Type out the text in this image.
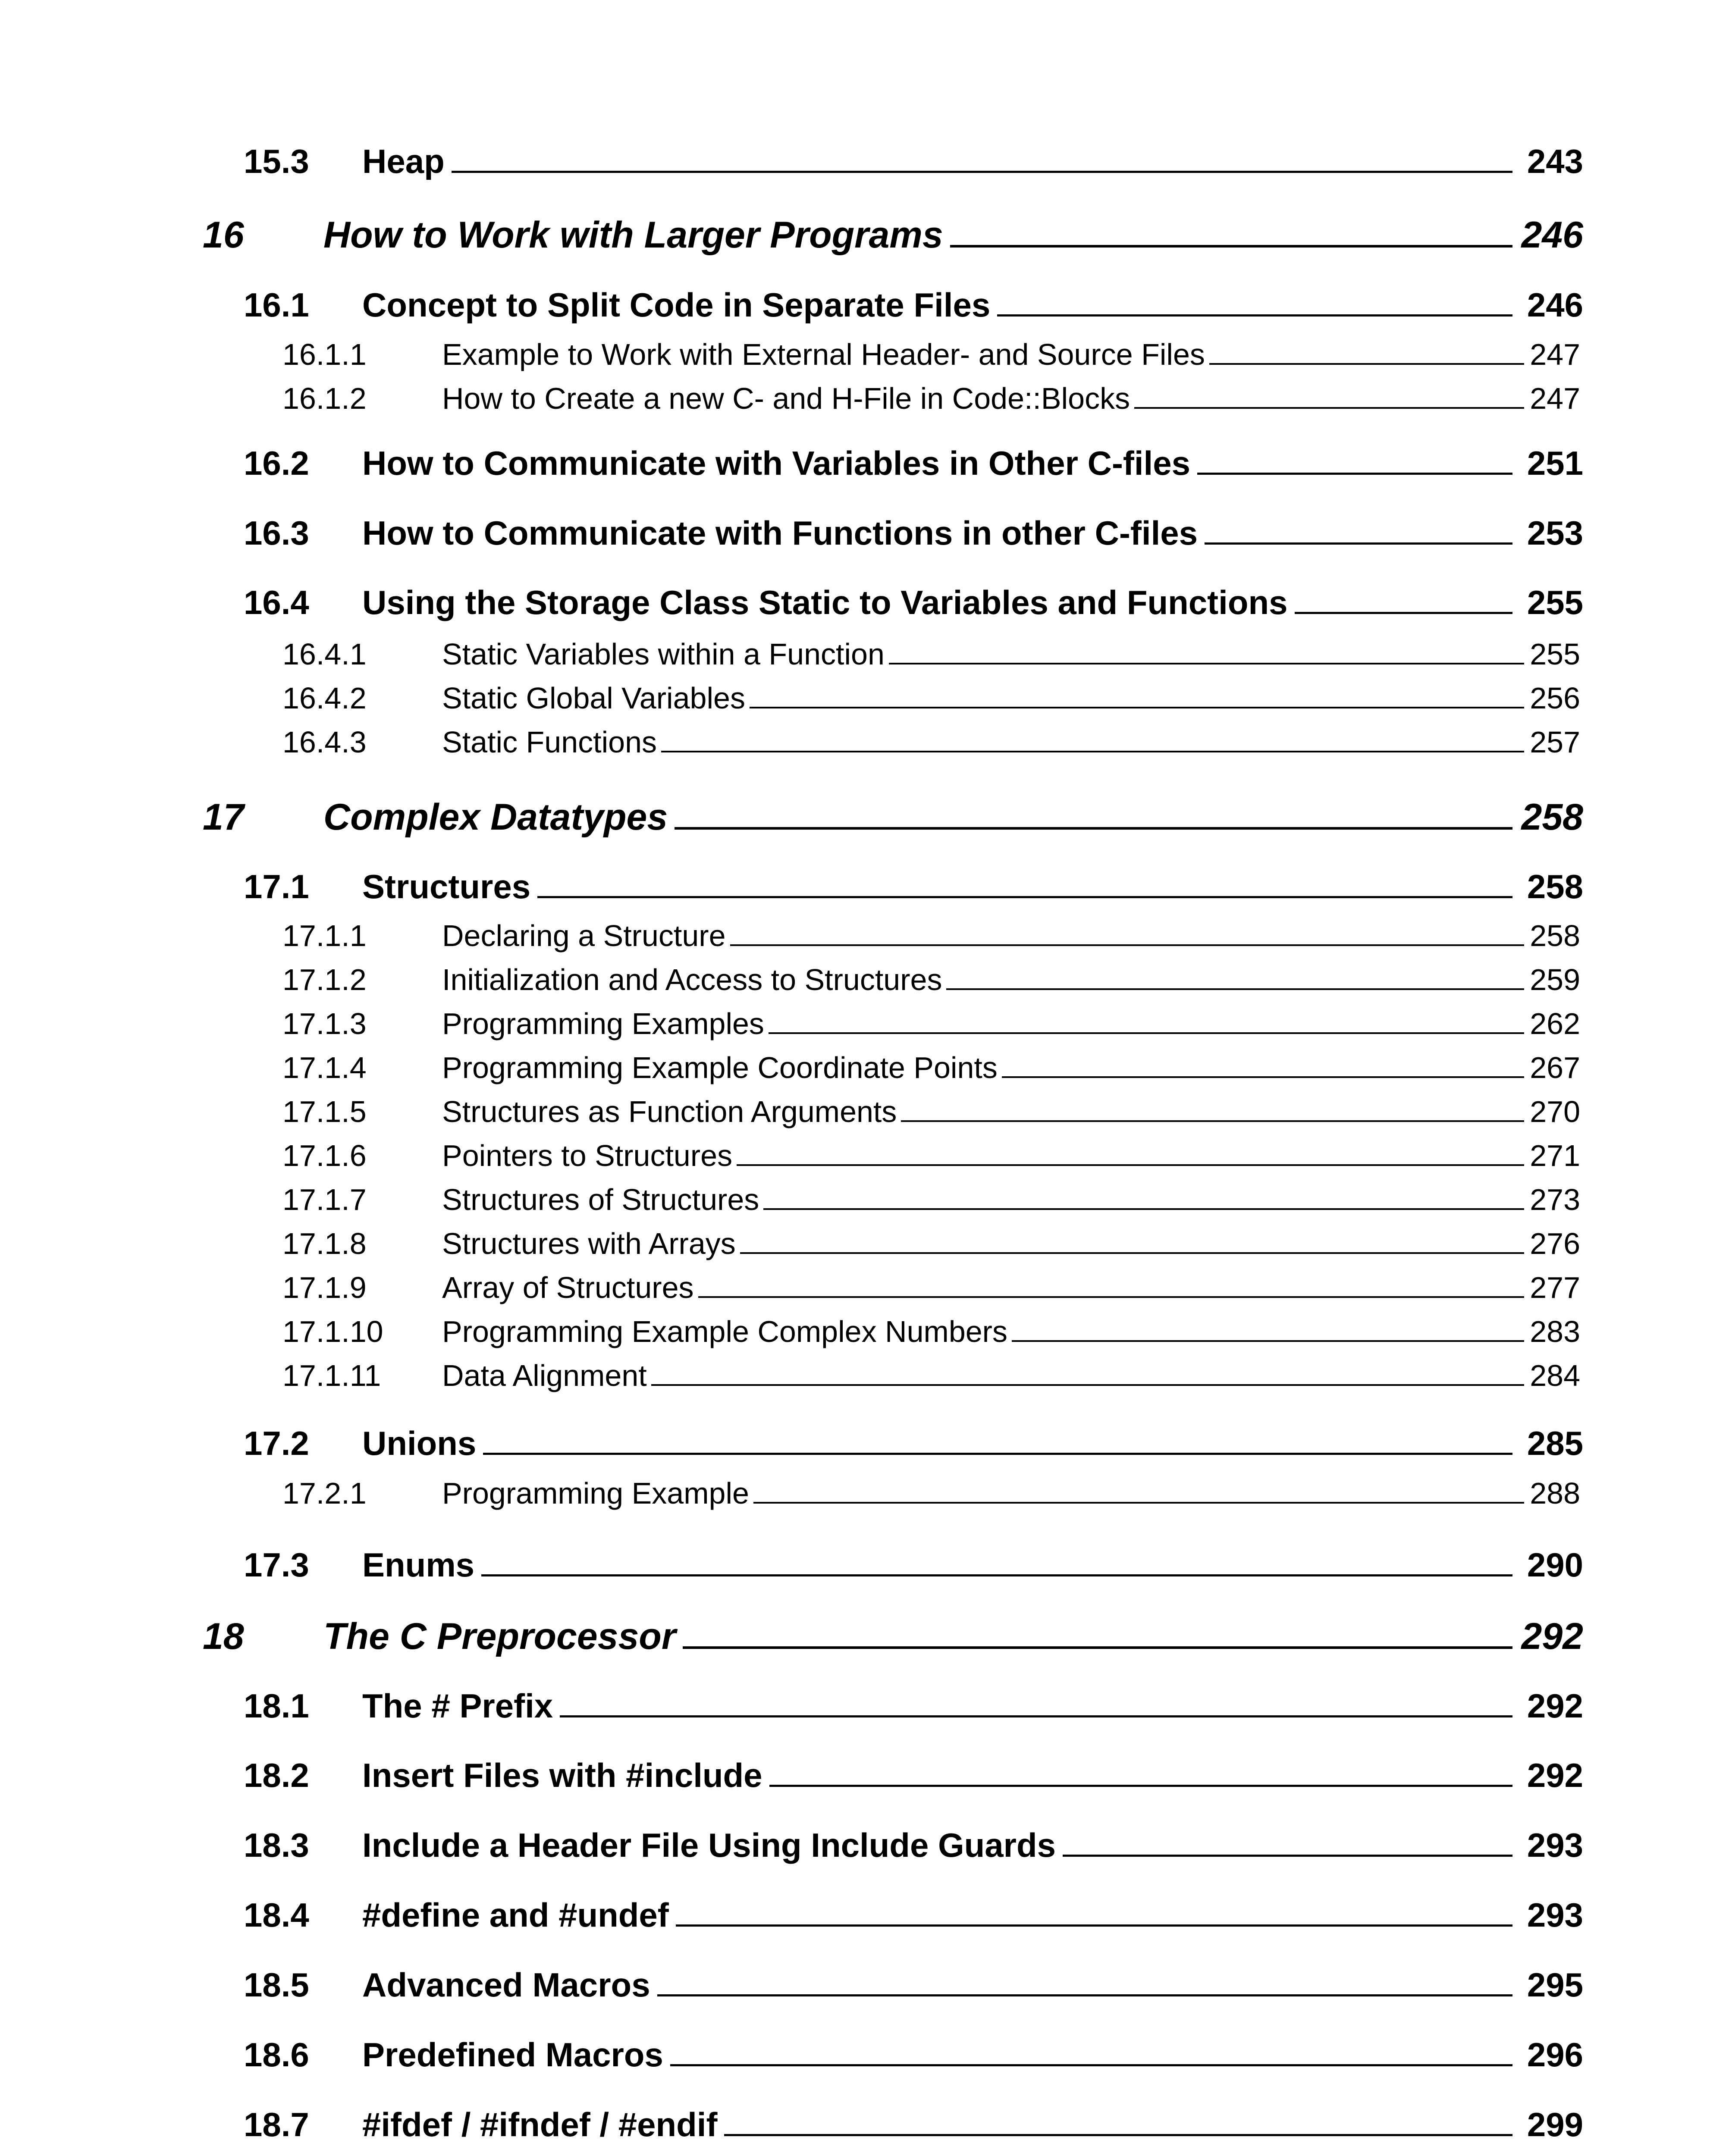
15.3 Heap	243
16 How to Work with Larger Programs	246
16.1 Concept to Split Code in Separate Files	246
16.1.1	Example to Work with External Header- and Source Files	247
16.1.2	How to Create a new C- and H-File in Code::Blocks	247
16.2 How to Communicate with Variables in Other C-files	251
16.3 How to Communicate with Functions in other C-files	253
16.4 Using the Storage Class Static to Variables and Functions	255
16.4.1	Static Variables within a Function	255
16.4.2	Static Global Variables	256
16.4.3	Static Functions	257
17 Complex Datatypes	258
17.1 Structures	258
17.1.1	Declaring a Structure	258
17.1.2	Initialization and Access to Structures	259
17.1.3	Programming Examples	262
17.1.4	Programming Example Coordinate Points	267
17.1.5	Structures as Function Arguments	270
17.1.6	Pointers to Structures	271
17.1.7	Structures of Structures	273
17.1.8	Structures with Arrays	276
17.1.9	Array of Structures	277
17.1.10 Programming Example Complex Numbers	283
17.1.11 Data Alignment	284
17.2 Unions	285
17.2.1	Programming Example	288
17.3 Enums	290
18 The C Preprocessor	292
18.1 The # Prefix	292
18.2 Insert Files with #include	292
18.3 Include a Header File Using Include Guards	293
18.4 #define and #undef	293
18.5 Advanced Macros	295
18.6 Predefined Macros	296
18.7 #ifdef / #ifndef / #endif	299
